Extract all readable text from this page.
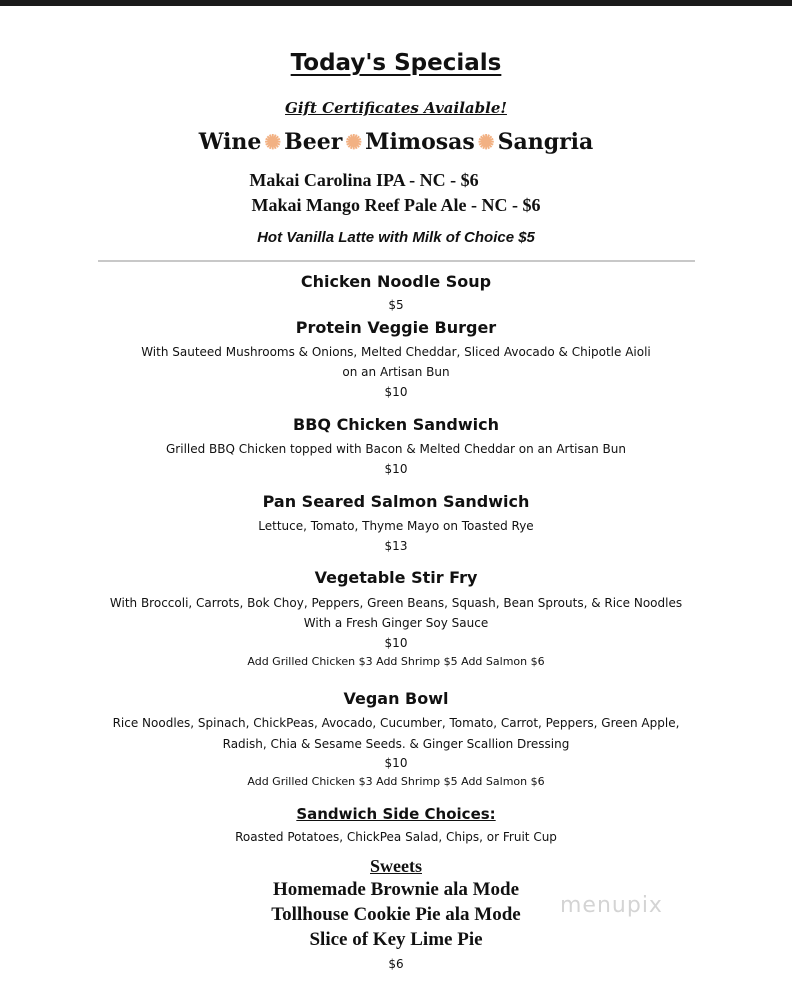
Today's Specials
Gift Certificates Available!
Wine ✺ Beer ✺ Mimosas ✺ Sangria
Makai Carolina IPA - NC - $6
Makai Mango Reef Pale Ale - NC - $6
Hot Vanilla Latte with Milk of Choice $5
Chicken Noodle Soup
$5
Protein Veggie Burger
With Sauteed Mushrooms & Onions, Melted Cheddar, Sliced Avocado & Chipotle Aioli
on an Artisan Bun
$10
BBQ Chicken Sandwich
Grilled BBQ Chicken topped with Bacon & Melted Cheddar on an Artisan Bun
$10
Pan Seared Salmon Sandwich
Lettuce, Tomato, Thyme Mayo on Toasted Rye
$13
Vegetable Stir Fry
With Broccoli, Carrots, Bok Choy, Peppers, Green Beans, Squash, Bean Sprouts, & Rice Noodles
With a Fresh Ginger Soy Sauce
$10
Add Grilled Chicken $3 Add Shrimp $5 Add Salmon $6
Vegan Bowl
Rice Noodles, Spinach, ChickPeas, Avocado, Cucumber, Tomato, Carrot, Peppers, Green Apple,
Radish, Chia & Sesame Seeds. & Ginger Scallion Dressing
$10
Add Grilled Chicken $3 Add Shrimp $5 Add Salmon $6
Sandwich Side Choices:
Roasted Potatoes, ChickPea Salad, Chips, or Fruit Cup
Sweets
Homemade Brownie ala Mode
Tollhouse Cookie Pie ala Mode
Slice of Key Lime Pie
$6
menupix
